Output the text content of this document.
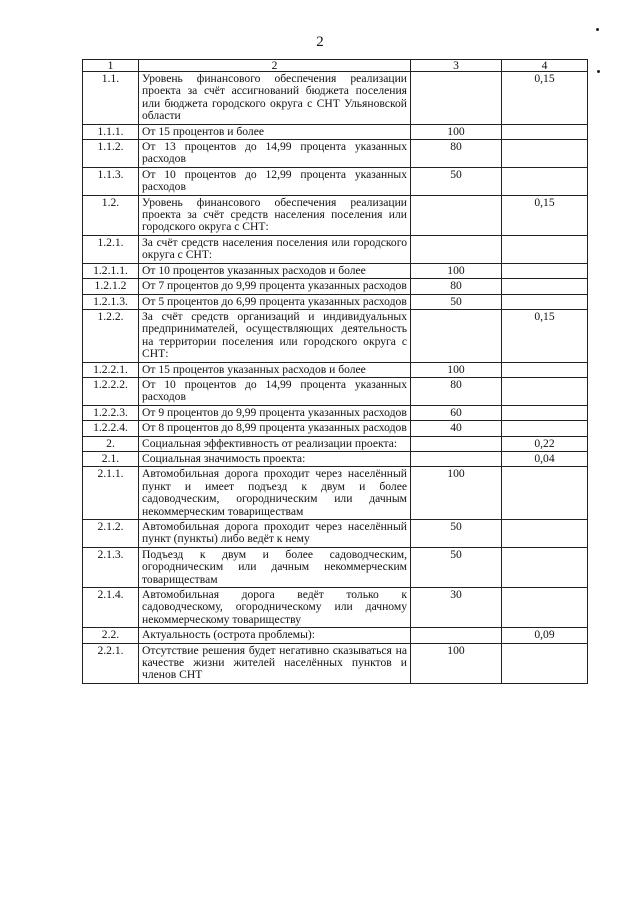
2
1	2	3	4
1.1.	Уровень финансового обеспечения реализации проекта за счёт ассигнований бюджета поселения или бюджета городского округа с СНТ Ульяновской области		0,15
1.1.1.	От 15 процентов и более	100	
1.1.2.	От 13 процентов до 14,99 процента указанных расходов	80	
1.1.3.	От 10 процентов до 12,99 процента указанных расходов	50	
1.2.	Уровень финансового обеспечения реализации проекта за счёт средств населения поселения или городского округа с СНТ:		0,15
1.2.1.	За счёт средств населения поселения или городского округа с СНТ:		
1.2.1.1.	От 10 процентов указанных расходов и более	100	
1.2.1.2	От 7 процентов до 9,99 процента указанных расходов	80	
1.2.1.3.	От 5 процентов до 6,99 процента указанных расходов	50	
1.2.2.	За счёт средств организаций и индивидуальных предпринимателей, осуществляющих деятельность на территории поселения или городского округа с СНТ:		0,15
1.2.2.1.	От 15 процентов указанных расходов и более	100	
1.2.2.2.	От 10 процентов до 14,99 процента указанных расходов	80	
1.2.2.3.	От 9 процентов до 9,99 процента указанных расходов	60	
1.2.2.4.	От 8 процентов до 8,99 процента указанных расходов	40	
2.	Социальная эффективность от реализации проекта:		0,22
2.1.	Социальная значимость проекта:		0,04
2.1.1.	Автомобильная дорога проходит через населённый пункт и имеет подъезд к двум и более садоводческим, огородническим или дачным некоммерческим товариществам	100	
2.1.2.	Автомобильная дорога проходит через населённый пункт (пункты) либо ведёт к нему	50	
2.1.3.	Подъезд к двум и более садоводческим, огородническим или дачным некоммерческим товариществам	50	
2.1.4.	Автомобильная дорога ведёт только к садоводческому, огородническому или дачному некоммерческому товариществу	30	
2.2.	Актуальность (острота проблемы):		0,09
2.2.1.	Отсутствие решения будет негативно сказываться на качестве жизни жителей населённых пунктов и членов СНТ	100	
